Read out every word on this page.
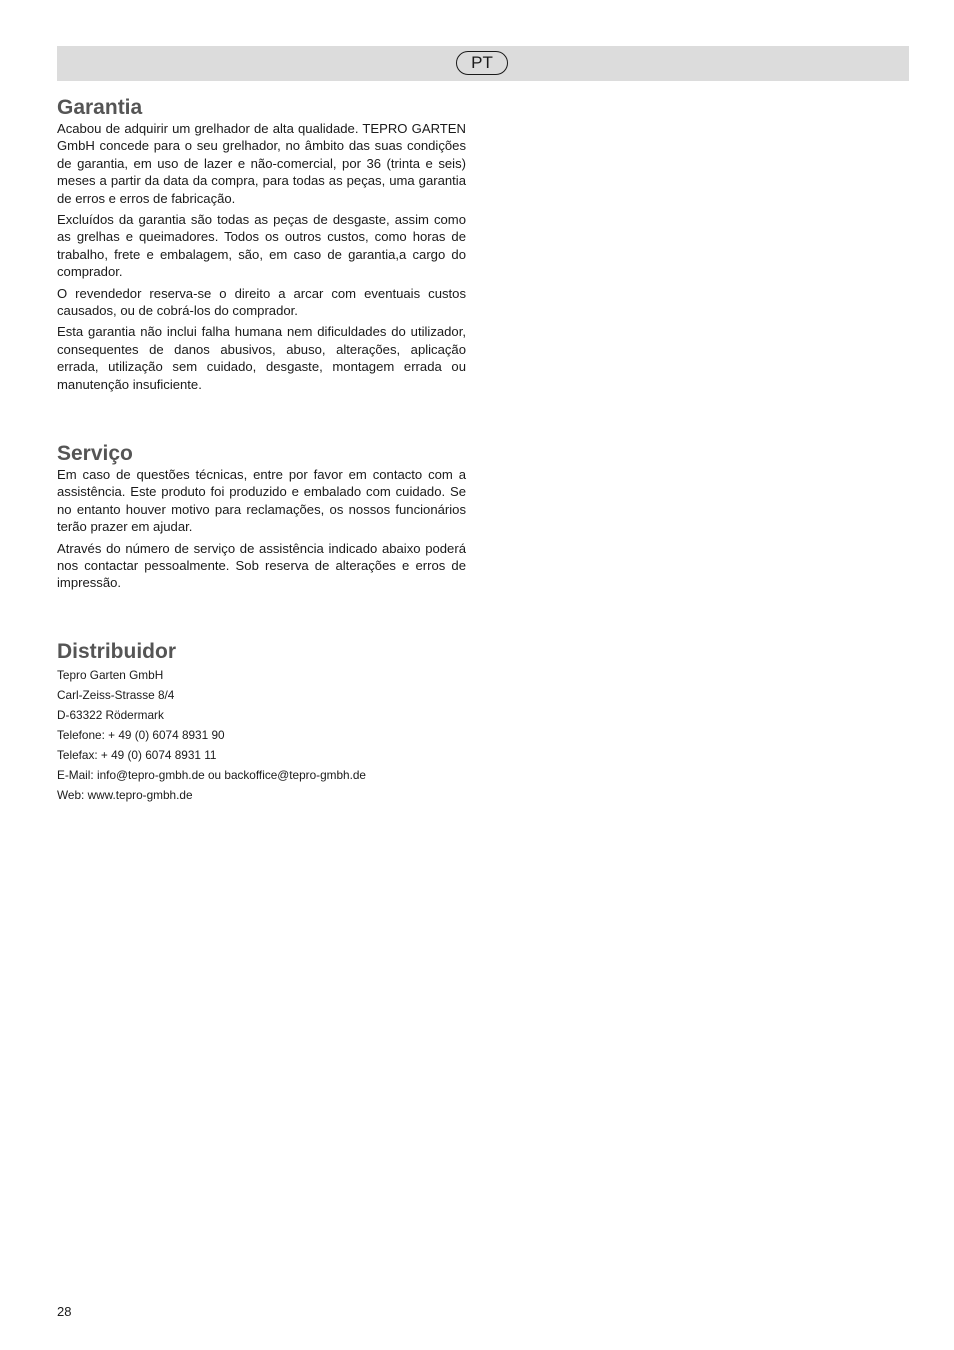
PT
Garantia

Acabou de adquirir um grelhador de alta qualidade. TEPRO GARTEN GmbH concede para o seu grelhador, no âmbito das suas condições de garantia, em uso de lazer e não-comercial, por 36 (trinta e seis) meses a partir da data da compra, para todas as peças, uma garantia de erros e erros de fabricação.

Excluídos da garantia são todas as peças de desgaste, assim como as grelhas e queimadores. Todos os outros custos, como horas de trabalho, frete e embalagem, são, em caso de garantia,a cargo do comprador.

O revendedor reserva-se o direito a arcar com eventuais custos causados, ou de cobrá-los do comprador.

Esta garantia não inclui falha humana nem dificuldades do utilizador, consequentes de danos abusivos, abuso, alterações, aplicação errada, utilização sem cuidado, desgaste, montagem errada ou manutenção insuficiente.

Serviço

Em caso de questões técnicas, entre por favor em contacto com a assistência. Este produto foi produzido e embalado com cuidado. Se no entanto houver motivo para reclamações, os nossos funcionários terão prazer em ajudar.

Através do número de serviço de assistência indicado abaixo poderá nos contactar pessoalmente. Sob reserva de alterações e erros de impressão.

Distribuidor

Tepro Garten GmbH

Carl-Zeiss-Strasse 8/4

D-63322 Rödermark

Telefone: + 49 (0) 6074 8931 90

Telefax: + 49 (0) 6074 8931 11

E-Mail: info@tepro-gmbh.de ou backoffice@tepro-gmbh.de

Web: www.tepro-gmbh.de

28
